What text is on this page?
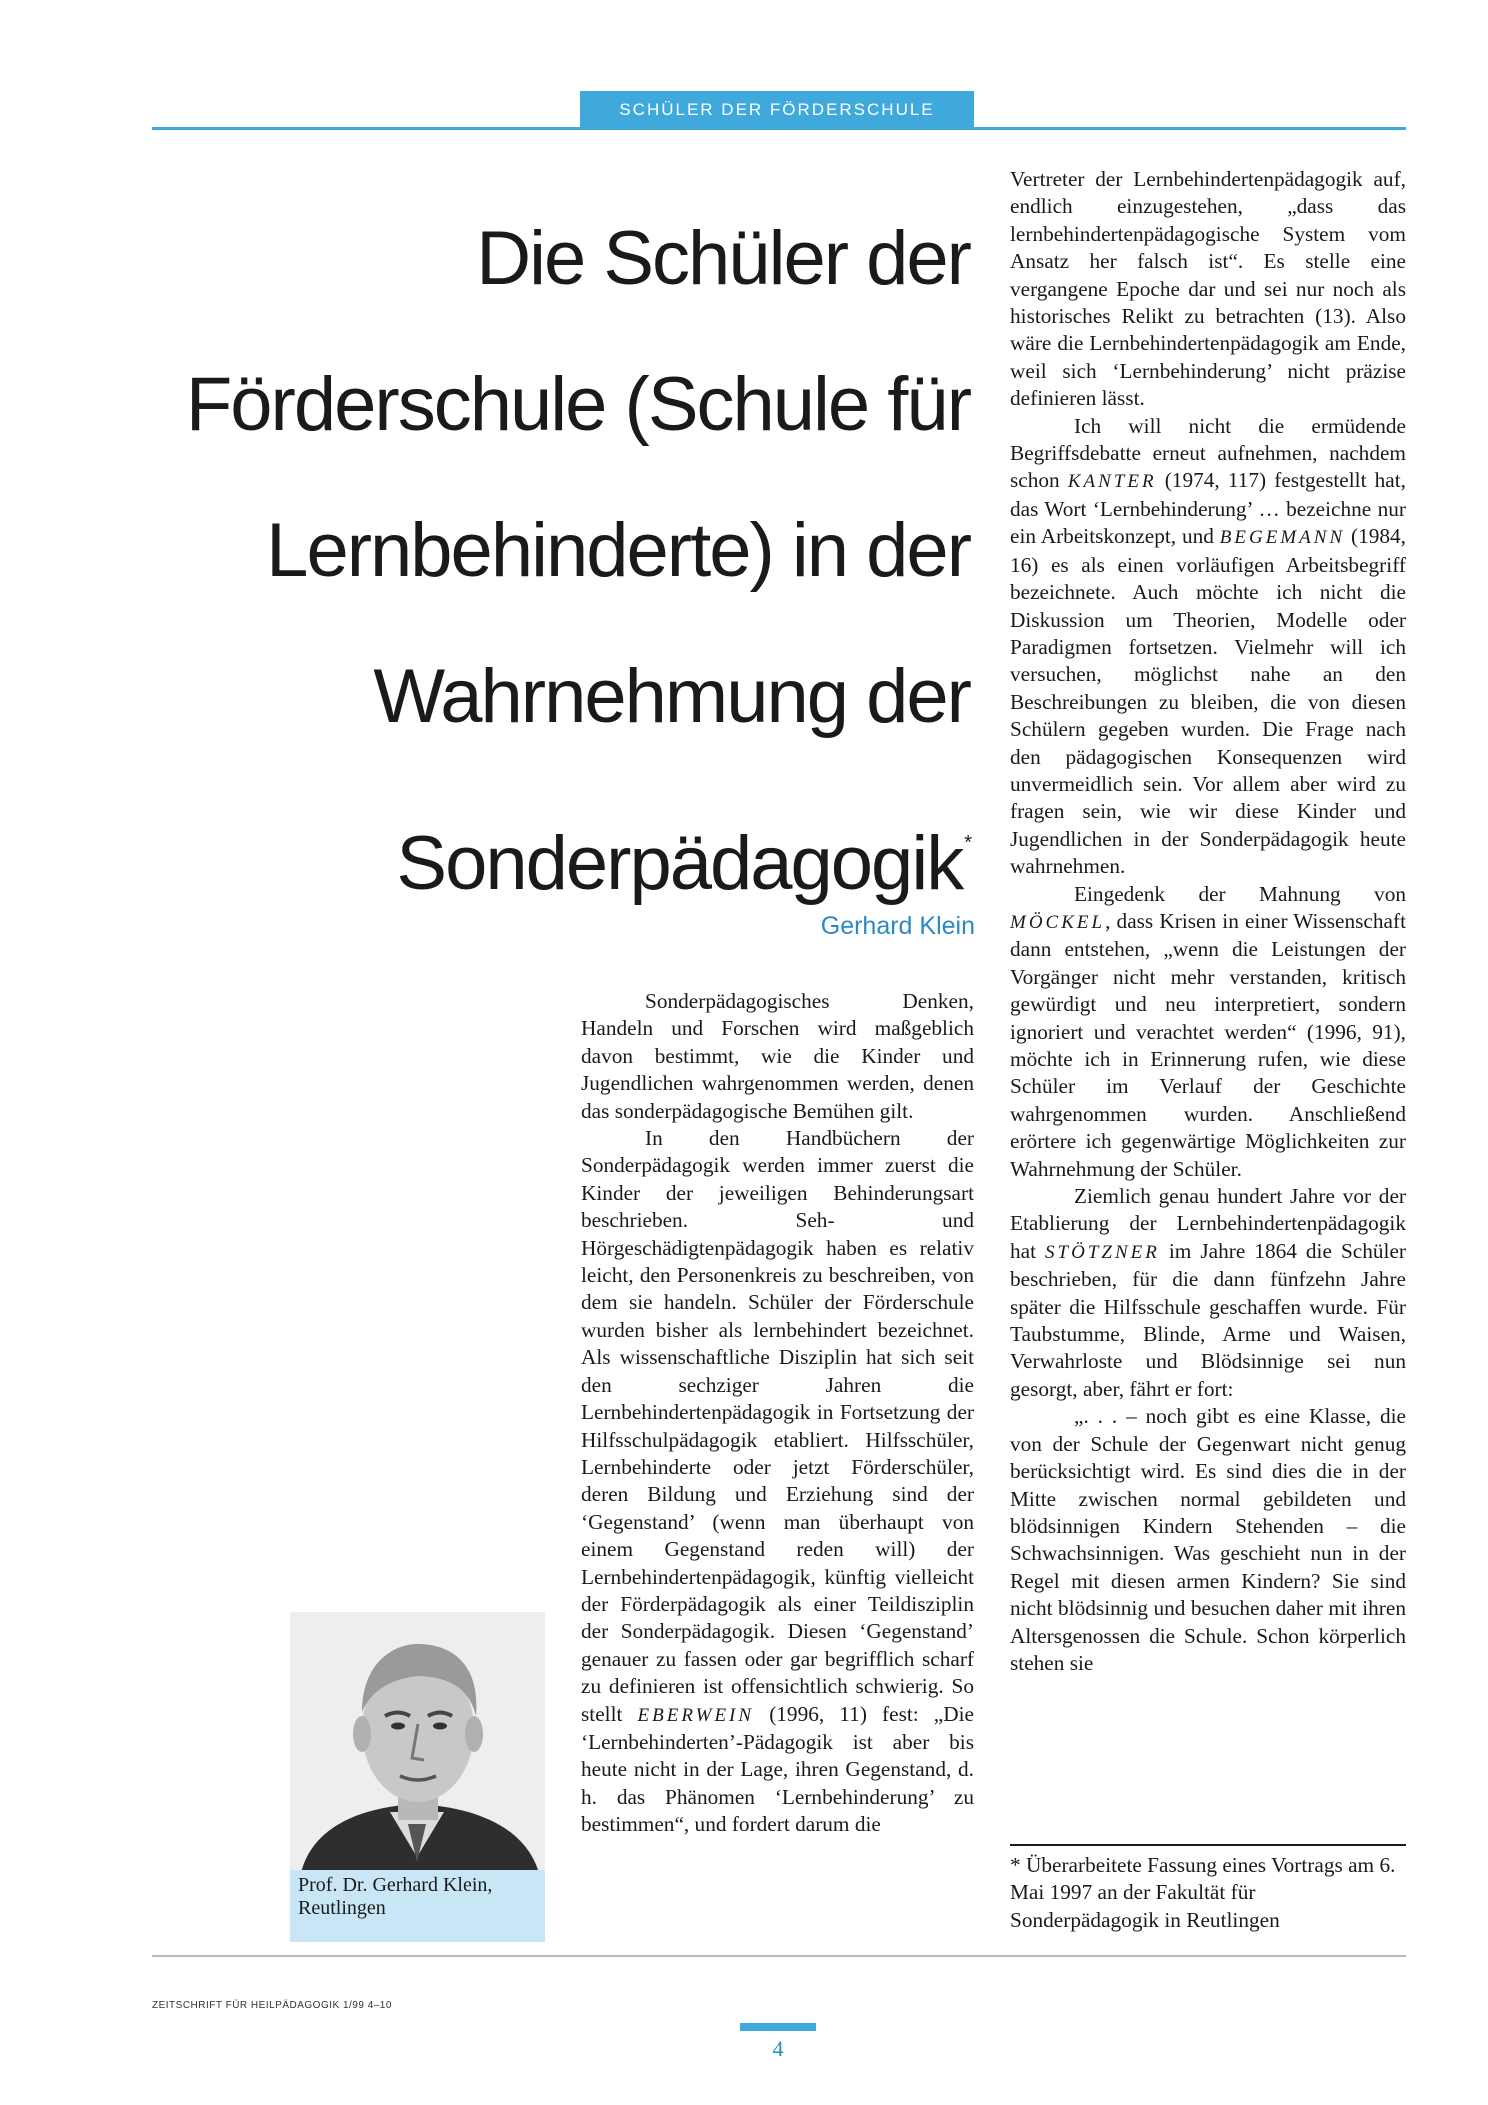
SCHÜLER DER FÖRDERSCHULE
Die Schüler der
Förderschule (Schule für
Lernbehinderte) in der
Wahrnehmung der
Sonderpädagogik *
Gerhard Klein

Sonderpädagogisches Denken, Handeln und Forschen wird maßgeblich davon bestimmt, wie die Kinder und Jugendlichen wahrgenommen werden, denen das sonderpädagogische Bemühen gilt.

In den Handbüchern der Sonderpädagogik werden immer zuerst die Kinder der jeweiligen Behinderungsart beschrieben. Seh- und Hörgeschädigtenpädagogik haben es relativ leicht, den Personenkreis zu beschreiben, von dem sie handeln. Schüler der Förderschule wurden bisher als lernbehindert bezeichnet. Als wissenschaftliche Disziplin hat sich seit den sechziger Jahren die Lernbehindertenpädagogik in Fortsetzung der Hilfsschulpädagogik etabliert. Hilfsschüler, Lernbehinderte oder jetzt Förderschüler, deren Bildung und Erziehung sind der ‘Gegenstand’ (wenn man überhaupt von einem Gegenstand reden will) der Lernbehindertenpädagogik, künftig vielleicht der Förderpädagogik als einer Teildisziplin der Sonderpädagogik. Diesen ‘Gegenstand’ genauer zu fassen oder gar begrifflich scharf zu definieren ist offensichtlich schwierig. So stellt EBERWEIN (1996, 11) fest: „Die ‘Lernbehinderten’-Pädagogik ist aber bis heute nicht in der Lage, ihren Gegenstand, d. h. das Phänomen ‘Lernbehinderung’ zu bestimmen“, und fordert darum die

Vertreter der Lernbehindertenpädagogik auf, endlich einzugestehen, „dass das lernbehindertenpädagogische System vom Ansatz her falsch ist“. Es stelle eine vergangene Epoche dar und sei nur noch als historisches Relikt zu betrachten (13). Also wäre die Lernbehindertenpädagogik am Ende, weil sich ‘Lernbehinderung’ nicht präzise definieren lässt.

Ich will nicht die ermüdende Begriffsdebatte erneut aufnehmen, nachdem schon KANTER (1974, 117) festgestellt hat, das Wort ‘Lernbehinderung’ … bezeichne nur ein Arbeitskonzept, und BEGEMANN (1984, 16) es als einen vorläufigen Arbeitsbegriff bezeichnete. Auch möchte ich nicht die Diskussion um Theorien, Modelle oder Paradigmen fortsetzen. Vielmehr will ich versuchen, möglichst nahe an den Beschreibungen zu bleiben, die von diesen Schülern gegeben wurden. Die Frage nach den pädagogischen Konsequenzen wird unvermeidlich sein. Vor allem aber wird zu fragen sein, wie wir diese Kinder und Jugendlichen in der Sonderpädagogik heute wahrnehmen.

Eingedenk der Mahnung von MÖCKEL, dass Krisen in einer Wissenschaft dann entstehen, „wenn die Leistungen der Vorgänger nicht mehr verstanden, kritisch gewürdigt und neu interpretiert, sondern ignoriert und verachtet werden“ (1996, 91), möchte ich in Erinnerung rufen, wie diese Schüler im Verlauf der Geschichte wahrgenommen wurden. Anschließend erörtere ich gegenwärtige Möglichkeiten zur Wahrnehmung der Schüler.

Ziemlich genau hundert Jahre vor der Etablierung der Lernbehindertenpädagogik hat STÖTZNER im Jahre 1864 die Schüler beschrieben, für die dann fünfzehn Jahre später die Hilfsschule geschaffen wurde. Für Taubstumme, Blinde, Arme und Waisen, Verwahrloste und Blödsinnige sei nun gesorgt, aber, fährt er fort:

„. . . – noch gibt es eine Klasse, die von der Schule der Gegenwart nicht genug berücksichtigt wird. Es sind dies die in der Mitte zwischen normal gebildeten und blödsinnigen Kindern Stehenden – die Schwachsinnigen. Was geschieht nun in der Regel mit diesen armen Kindern? Sie sind nicht blödsinnig und besuchen daher mit ihren Altersgenossen die Schule. Schon körperlich stehen sie

* Überarbeitete Fassung eines Vortrags am 6. Mai 1997 an der Fakultät für Sonderpädagogik in Reutlingen
Prof. Dr. Gerhard Klein,
Reutlingen
ZEITSCHRIFT FÜR HEILPÄDAGOGIK 1/99 4–10
4
